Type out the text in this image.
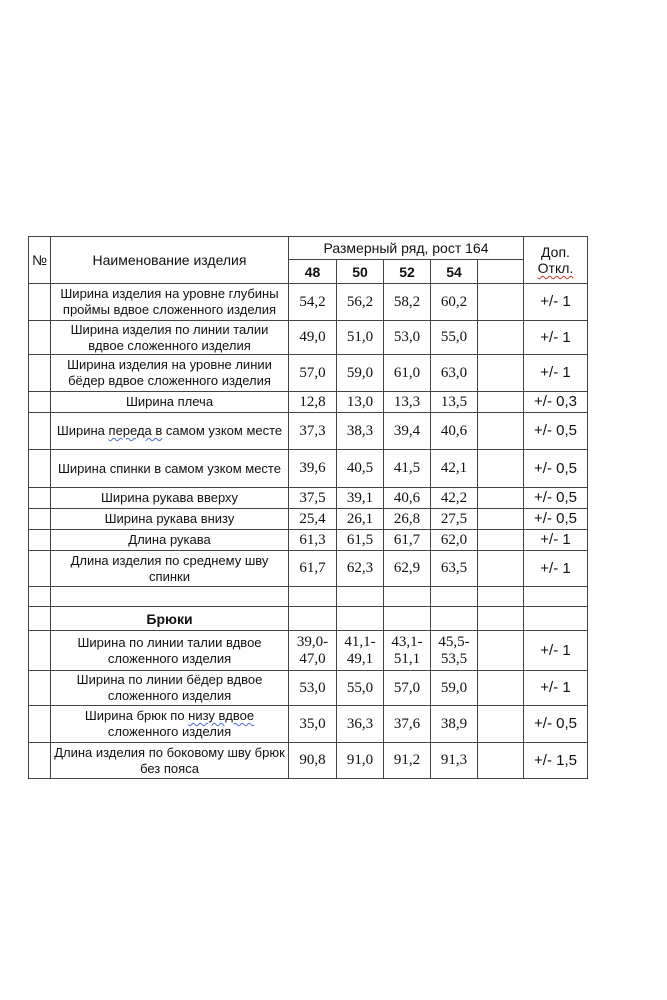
№	Наименование изделия	Размерный ряд, рост 164					Доп.
Откл.

		48	50	52	54		
	Ширина изделия на уровне глубины проймы вдвое сложенного изделия	54,2	56,2	58,2	60,2		+/- 1
	Ширина изделия по линии талии вдвое сложенного изделия	49,0	51,0	53,0	55,0		+/- 1
	Ширина изделия на уровне линии бёдер вдвое сложенного изделия	57,0	59,0	61,0	63,0		+/- 1
	Ширина плеча	12,8	13,0	13,3	13,5		+/- 0,3
	Ширина переда в самом узком месте	37,3	38,3	39,4	40,6		+/- 0,5
	Ширина спинки в самом узком месте	39,6	40,5	41,5	42,1		+/- 0,5
	Ширина рукава вверху	37,5	39,1	40,6	42,2		+/- 0,5
	Ширина рукава внизу	25,4	26,1	26,8	27,5		+/- 0,5
	Длина рукава	61,3	61,5	61,7	62,0		+/- 1
	Длина изделия по среднему шву спинки	61,7	62,3	62,9	63,5		+/- 1

	Брюки						
	Ширина по линии талии вдвое сложенного изделия	39,0- 47,0	41,1- 49,1	43,1- 51,1	45,5- 53,5		+/- 1
	Ширина по линии бёдер вдвое сложенного изделия	53,0	55,0	57,0	59,0		+/- 1
	Ширина брюк по низу вдвое сложенного изделия	35,0	36,3	37,6	38,9		+/- 0,5
	Длина изделия по боковому шву брюк без пояса	90,8	91,0	91,2	91,3		+/- 1,5
